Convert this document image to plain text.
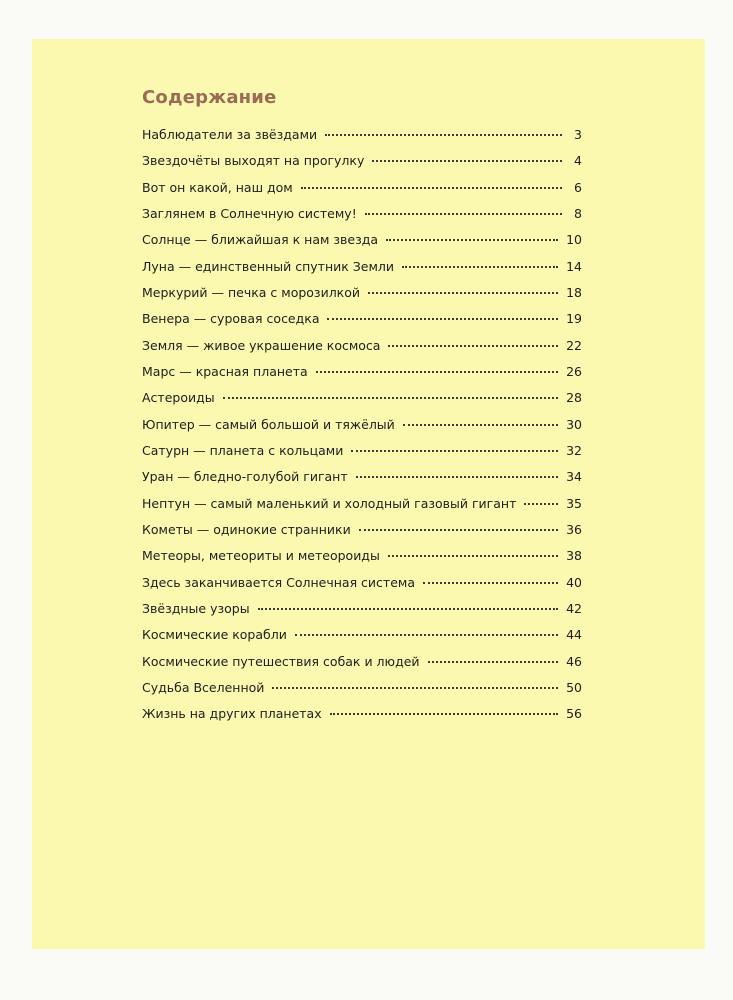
Содержание
Наблюдатели за звёздами	3
Звездочёты выходят на прогулку	4
Вот он какой, наш дом	6
Заглянем в Солнечную систему!	8
Солнце — ближайшая к нам звезда	10
Луна — единственный спутник Земли	14
Меркурий — печка с морозилкой	18
Венера — суровая соседка	19
Земля — живое украшение космоса	22
Марс — красная планета	26
Астероиды	28
Юпитер — самый большой и тяжёлый	30
Сатурн — планета с кольцами	32
Уран — бледно-голубой гигант	34
Нептун — самый маленький и холодный газовый гигант	35
Кометы — одинокие странники	36
Метеоры, метеориты и метеороиды	38
Здесь заканчивается Солнечная система	40
Звёздные узоры	42
Космические корабли	44
Космические путешествия собак и людей	46
Судьба Вселенной	50
Жизнь на других планетах	56
